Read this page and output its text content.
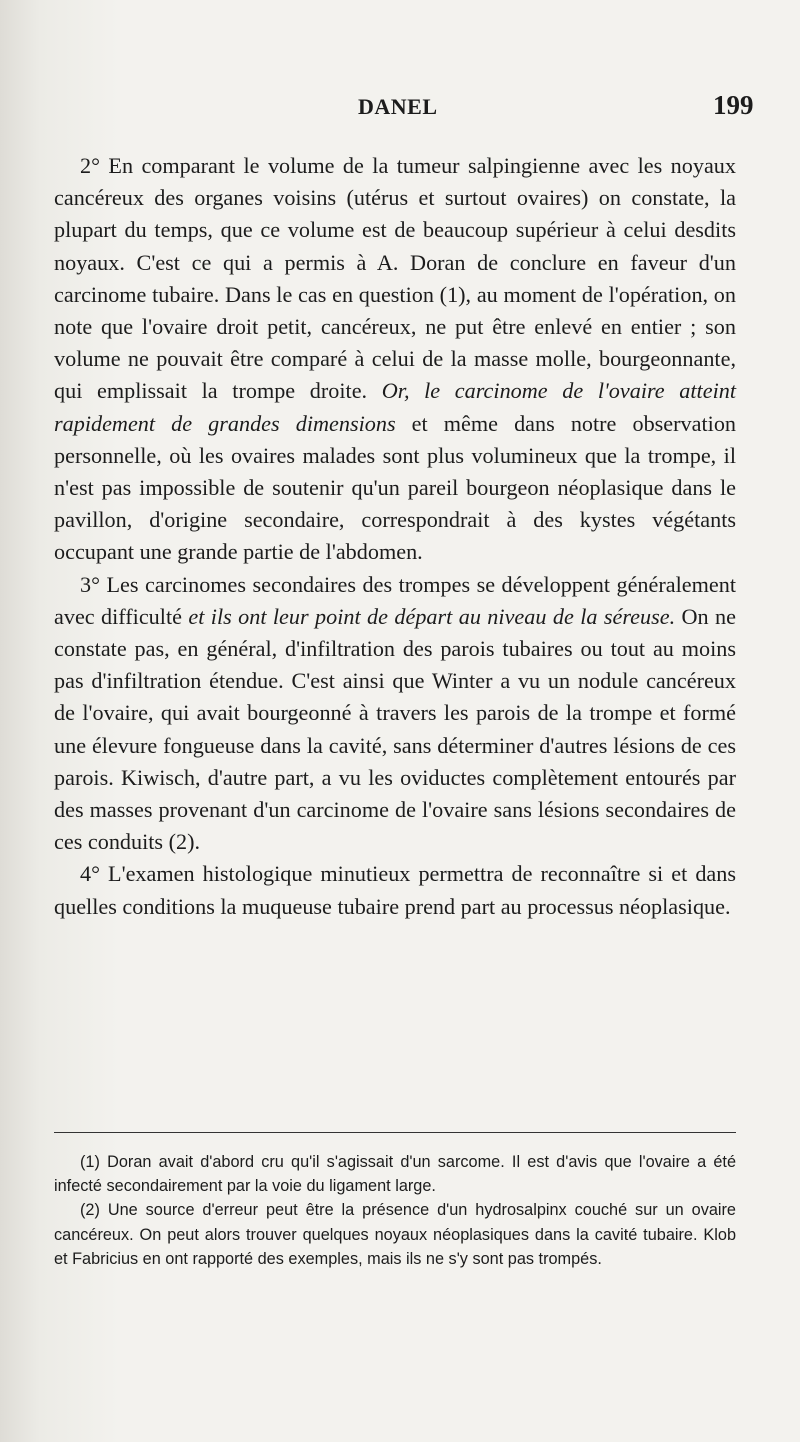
DANEL	199

2° En comparant le volume de la tumeur salpingienne avec les noyaux cancéreux des organes voisins (utérus et surtout ovaires) on constate, la plupart du temps, que ce volume est de beaucoup supérieur à celui desdits noyaux. C'est ce qui a permis à A. Doran de conclure en faveur d'un carcinome tubaire. Dans le cas en question (1), au moment de l'opération, on note que l'ovaire droit petit, cancéreux, ne put être enlevé en entier ; son volume ne pouvait être comparé à celui de la masse molle, bourgeonnante, qui emplissait la trompe droite. Or, le carcinome de l'ovaire atteint rapidement de grandes dimensions et même dans notre observation personnelle, où les ovaires malades sont plus volumineux que la trompe, il n'est pas impossible de soutenir qu'un pareil bourgeon néoplasique dans le pavillon, d'origine secondaire, correspondrait à des kystes végétants occupant une grande partie de l'abdomen.

3° Les carcinomes secondaires des trompes se développent généralement avec difficulté et ils ont leur point de départ au niveau de la séreuse. On ne constate pas, en général, d'infiltration des parois tubaires ou tout au moins pas d'infiltration étendue. C'est ainsi que Winter a vu un nodule cancéreux de l'ovaire, qui avait bourgeonné à travers les parois de la trompe et formé une élevure fongueuse dans la cavité, sans déterminer d'autres lésions de ces parois. Kiwisch, d'autre part, a vu les oviductes complètement entourés par des masses provenant d'un carcinome de l'ovaire sans lésions secondaires de ces conduits (2).

4° L'examen histologique minutieux permettra de reconnaître si et dans quelles conditions la muqueuse tubaire prend part au processus néoplasique.

(1) Doran avait d'abord cru qu'il s'agissait d'un sarcome. Il est d'avis que l'ovaire a été infecté secondairement par la voie du ligament large.

(2) Une source d'erreur peut être la présence d'un hydrosalpinx couché sur un ovaire cancéreux. On peut alors trouver quelques noyaux néoplasiques dans la cavité tubaire. Klob et Fabricius en ont rapporté des exemples, mais ils ne s'y sont pas trompés.
